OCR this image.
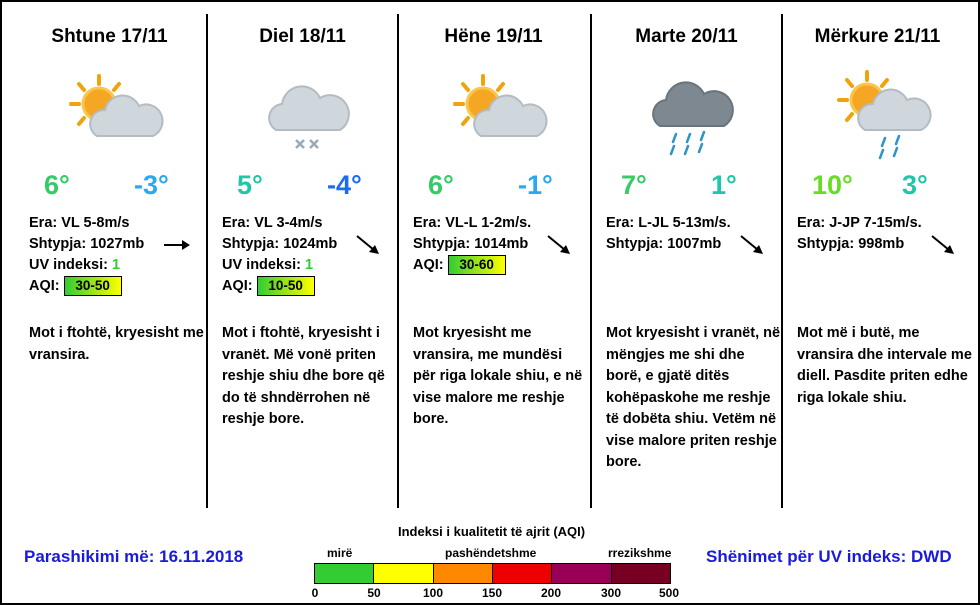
Shtune 17/11
6° -3°
Era: VL 5-8m/s
Shtypja: 1027mb
UV indeksi: 1
AQI: 30-50
Mot i ftohtë, kryesisht me vransira.
Diel 18/11
5° -4°
Era: VL 3-4m/s
Shtypja: 1024mb
UV indeksi: 1
AQI: 10-50
Mot i ftohtë, kryesisht i vranët. Më vonë priten reshje shiu dhe bore që do të shndërrohen në reshje bore.
Hëne 19/11
6° -1°
Era: VL-L 1-2m/s.
Shtypja: 1014mb
AQI: 30-60
Mot kryesisht me vransira, me mundësi për riga lokale shiu, e në vise malore me reshje bore.
Marte 20/11
7° 1°
Era: L-JL 5-13m/s.
Shtypja: 1007mb
Mot kryesisht i vranët, në mëngjes me shi dhe borë, e gjatë ditës kohëpaskohe me reshje të dobëta shiu. Vetëm në vise malore priten reshje bore.
Mërkure 21/11
10° 3°
Era: J-JP 7-15m/s.
Shtypja: 998mb
Mot më i butë, me vransira dhe intervale me diell. Pasdite priten edhe riga lokale shiu.
Parashikimi më: 16.11.2018	Shënimet për UV indeks: DWD
Indeksi i kualitetit të ajrit (AQI)
mirë	pashëndetshme	rrezikshme
0	50	100	150	200	300	500
